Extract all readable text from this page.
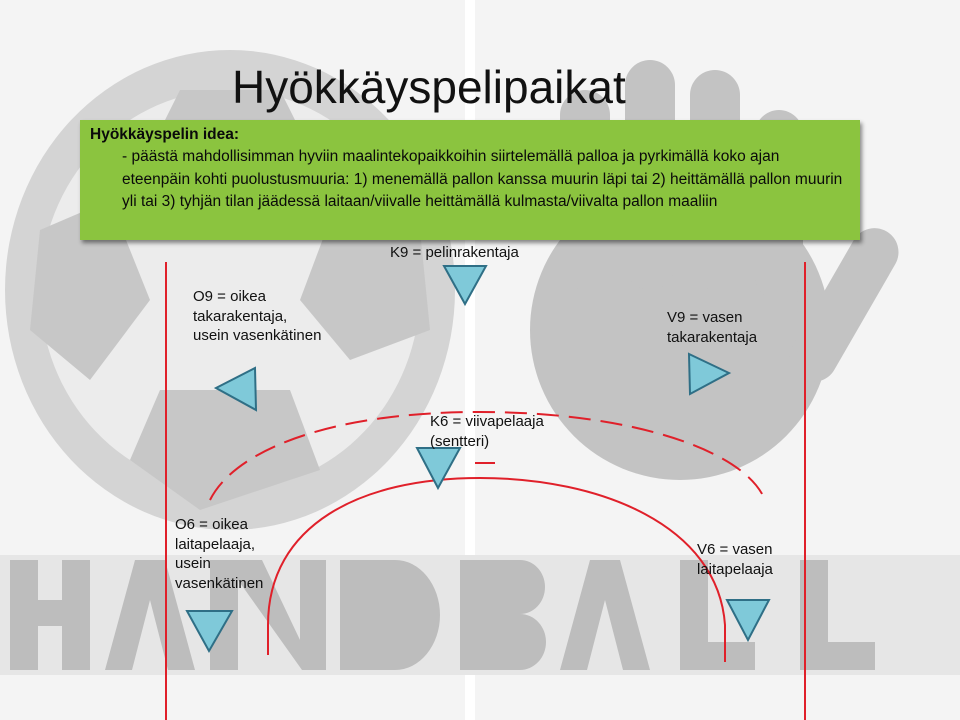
Hyökkäyspelipaikat
Hyökkäyspelin idea:
- päästä mahdollisimman hyviin maalintekopaikkoihin siirtelemällä palloa ja pyrkimällä koko ajan eteenpäin kohti puolustusmuuria: 1) menemällä pallon kanssa muurin läpi tai 2) heittämällä pallon muurin yli tai 3) tyhjän tilan jäädessä laitaan/viivalle heittämällä kulmasta/viivalta pallon maaliin
K9 = pelinrakentaja
O9 = oikea takarakentaja, usein vasenkätinen
V9 = vasen takarakentaja
K6 = viivapelaaja (sentteri)
O6 = oikea laitapelaaja, usein vasenkätinen
V6 = vasen laitapelaaja
